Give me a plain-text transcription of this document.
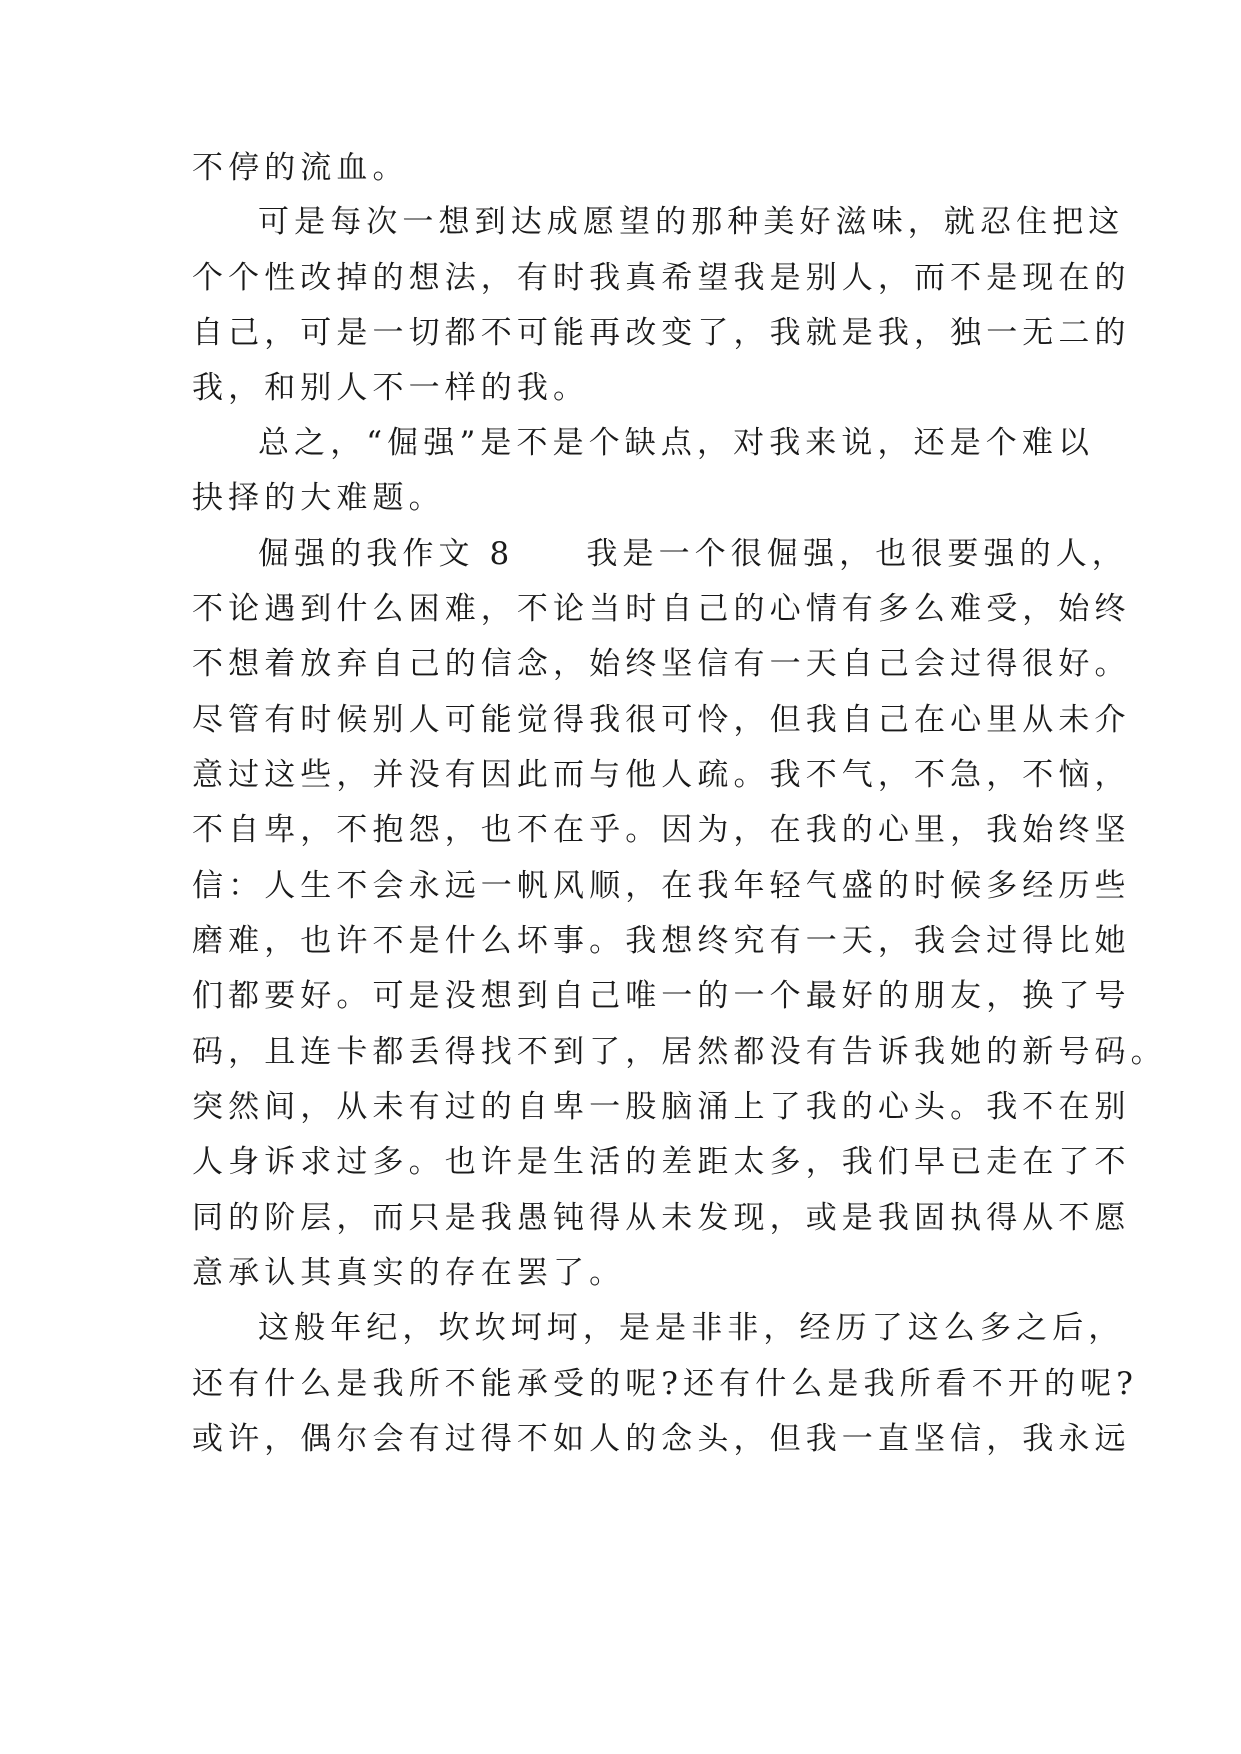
不停的流血。
可是每次一想到达成愿望的那种美好滋味，就忍住把这
个个性改掉的想法，有时我真希望我是别人，而不是现在的
自己，可是一切都不可能再改变了，我就是我，独一无二的
我，和别人不一样的我。
总之，“倔强”是不是个缺点，对我来说，还是个难以
抉择的大难题。
倔强的我作文 8 我是一个很倔强，也很要强的人，
不论遇到什么困难，不论当时自己的心情有多么难受，始终
不想着放弃自己的信念，始终坚信有一天自己会过得很好。
尽管有时候别人可能觉得我很可怜，但我自己在心里从未介
意过这些，并没有因此而与他人疏。我不气，不急，不恼，
不自卑，不抱怨，也不在乎。因为，在我的心里，我始终坚
信：人生不会永远一帆风顺，在我年轻气盛的时候多经历些
磨难，也许不是什么坏事。我想终究有一天，我会过得比她
们都要好。可是没想到自己唯一的一个最好的朋友，换了号
码，且连卡都丢得找不到了，居然都没有告诉我她的新号码。
突然间，从未有过的自卑一股脑涌上了我的心头。我不在别
人身诉求过多。也许是生活的差距太多，我们早已走在了不
同的阶层，而只是我愚钝得从未发现，或是我固执得从不愿
意承认其真实的存在罢了。
这般年纪，坎坎坷坷，是是非非，经历了这么多之后，
还有什么是我所不能承受的呢?还有什么是我所看不开的呢?
或许，偶尔会有过得不如人的念头，但我一直坚信，我永远
